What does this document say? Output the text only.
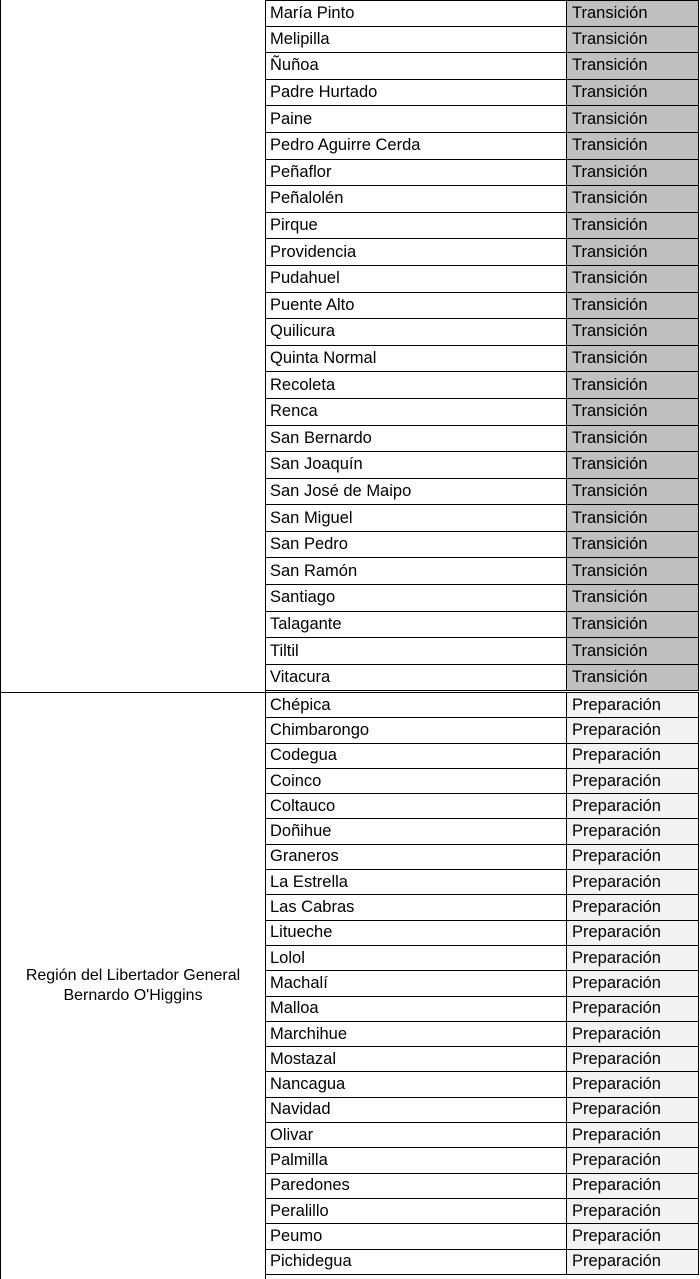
María Pinto	Transición
Melipilla	Transición
Ñuñoa	Transición
Padre Hurtado	Transición
Paine	Transición
Pedro Aguirre Cerda	Transición
Peñaflor	Transición
Peñalolén	Transición
Pirque	Transición
Providencia	Transición
Pudahuel	Transición
Puente Alto	Transición
Quilicura	Transición
Quinta Normal	Transición
Recoleta	Transición
Renca	Transición
San Bernardo	Transición
San Joaquín	Transición
San José de Maipo	Transición
San Miguel	Transición
San Pedro	Transición
San Ramón	Transición
Santiago	Transición
Talagante	Transición
Tiltil	Transición
Vitacura	Transición
Región del Libertador General Bernardo O'Higgins
Chépica	Preparación
Chimbarongo	Preparación
Codegua	Preparación
Coinco	Preparación
Coltauco	Preparación
Doñihue	Preparación
Graneros	Preparación
La Estrella	Preparación
Las Cabras	Preparación
Litueche	Preparación
Lolol	Preparación
Machalí	Preparación
Malloa	Preparación
Marchihue	Preparación
Mostazal	Preparación
Nancagua	Preparación
Navidad	Preparación
Olivar	Preparación
Palmilla	Preparación
Paredones	Preparación
Peralillo	Preparación
Peumo	Preparación
Pichidegua	Preparación
